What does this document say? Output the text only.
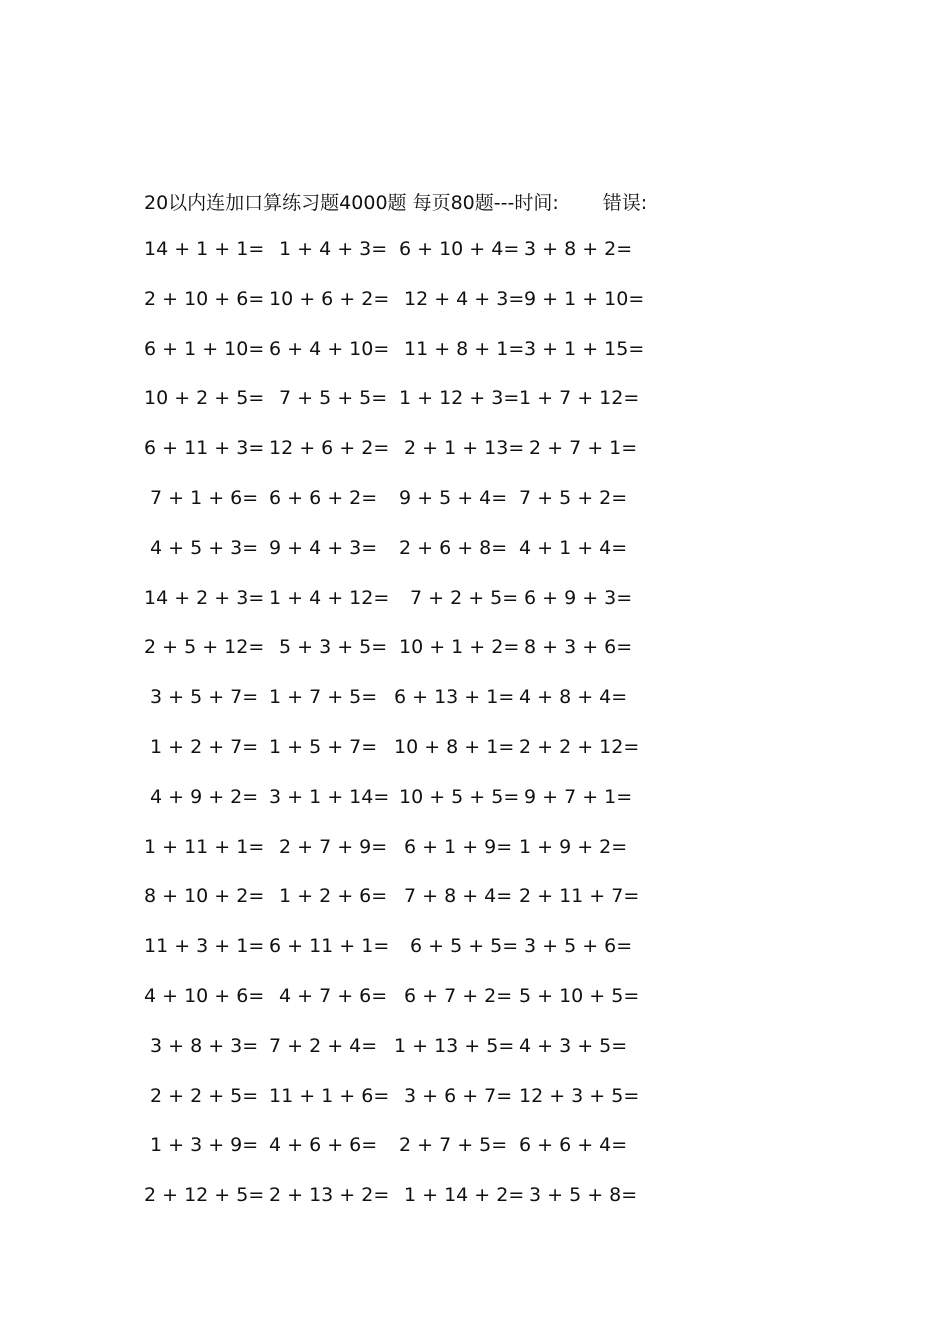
20以内连加口算练习题4000题 每页80题---时间: 错误:
14 + 1 + 1= 1 + 4 + 3= 6 + 10 + 4= 3 + 8 + 2=
2 + 10 + 6= 10 + 6 + 2= 12 + 4 + 3= 9 + 1 + 10=
6 + 1 + 10= 6 + 4 + 10= 11 + 8 + 1= 3 + 1 + 15=
10 + 2 + 5= 7 + 5 + 5= 1 + 12 + 3= 1 + 7 + 12=
6 + 11 + 3= 12 + 6 + 2= 2 + 1 + 13= 2 + 7 + 1=
7 + 1 + 6= 6 + 6 + 2=	9 + 5 + 4= 7 + 5 + 2=
4 + 5 + 3= 9 + 4 + 3=	2 + 6 + 8= 4 + 1 + 4=
14 + 2 + 3= 1 + 4 + 12=	7 + 2 + 5= 6 + 9 + 3=
2 + 5 + 12= 5 + 3 + 5= 10 + 1 + 2= 8 + 3 + 6=
3 + 5 + 7= 1 + 7 + 5= 6 + 13 + 1= 4 + 8 + 4=
1 + 2 + 7= 1 + 5 + 7= 10 + 8 + 1= 2 + 2 + 12=
4 + 9 + 2= 3 + 1 + 14= 10 + 5 + 5= 9 + 7 + 1=
1 + 11 + 1= 2 + 7 + 9= 6 + 1 + 9= 1 + 9 + 2=
8 + 10 + 2= 1 + 2 + 6= 7 + 8 + 4= 2 + 11 + 7=
11 + 3 + 1= 6 + 11 + 1=	6 + 5 + 5= 3 + 5 + 6=
4 + 10 + 6= 4 + 7 + 6= 6 + 7 + 2= 5 + 10 + 5=
3 + 8 + 3= 7 + 2 + 4= 1 + 13 + 5= 4 + 3 + 5=
2 + 2 + 5= 11 + 1 + 6= 3 + 6 + 7= 12 + 3 + 5=
1 + 3 + 9= 4 + 6 + 6=	2 + 7 + 5= 6 + 6 + 4=
2 + 12 + 5= 2 + 13 + 2= 1 + 14 + 2= 3 + 5 + 8=
